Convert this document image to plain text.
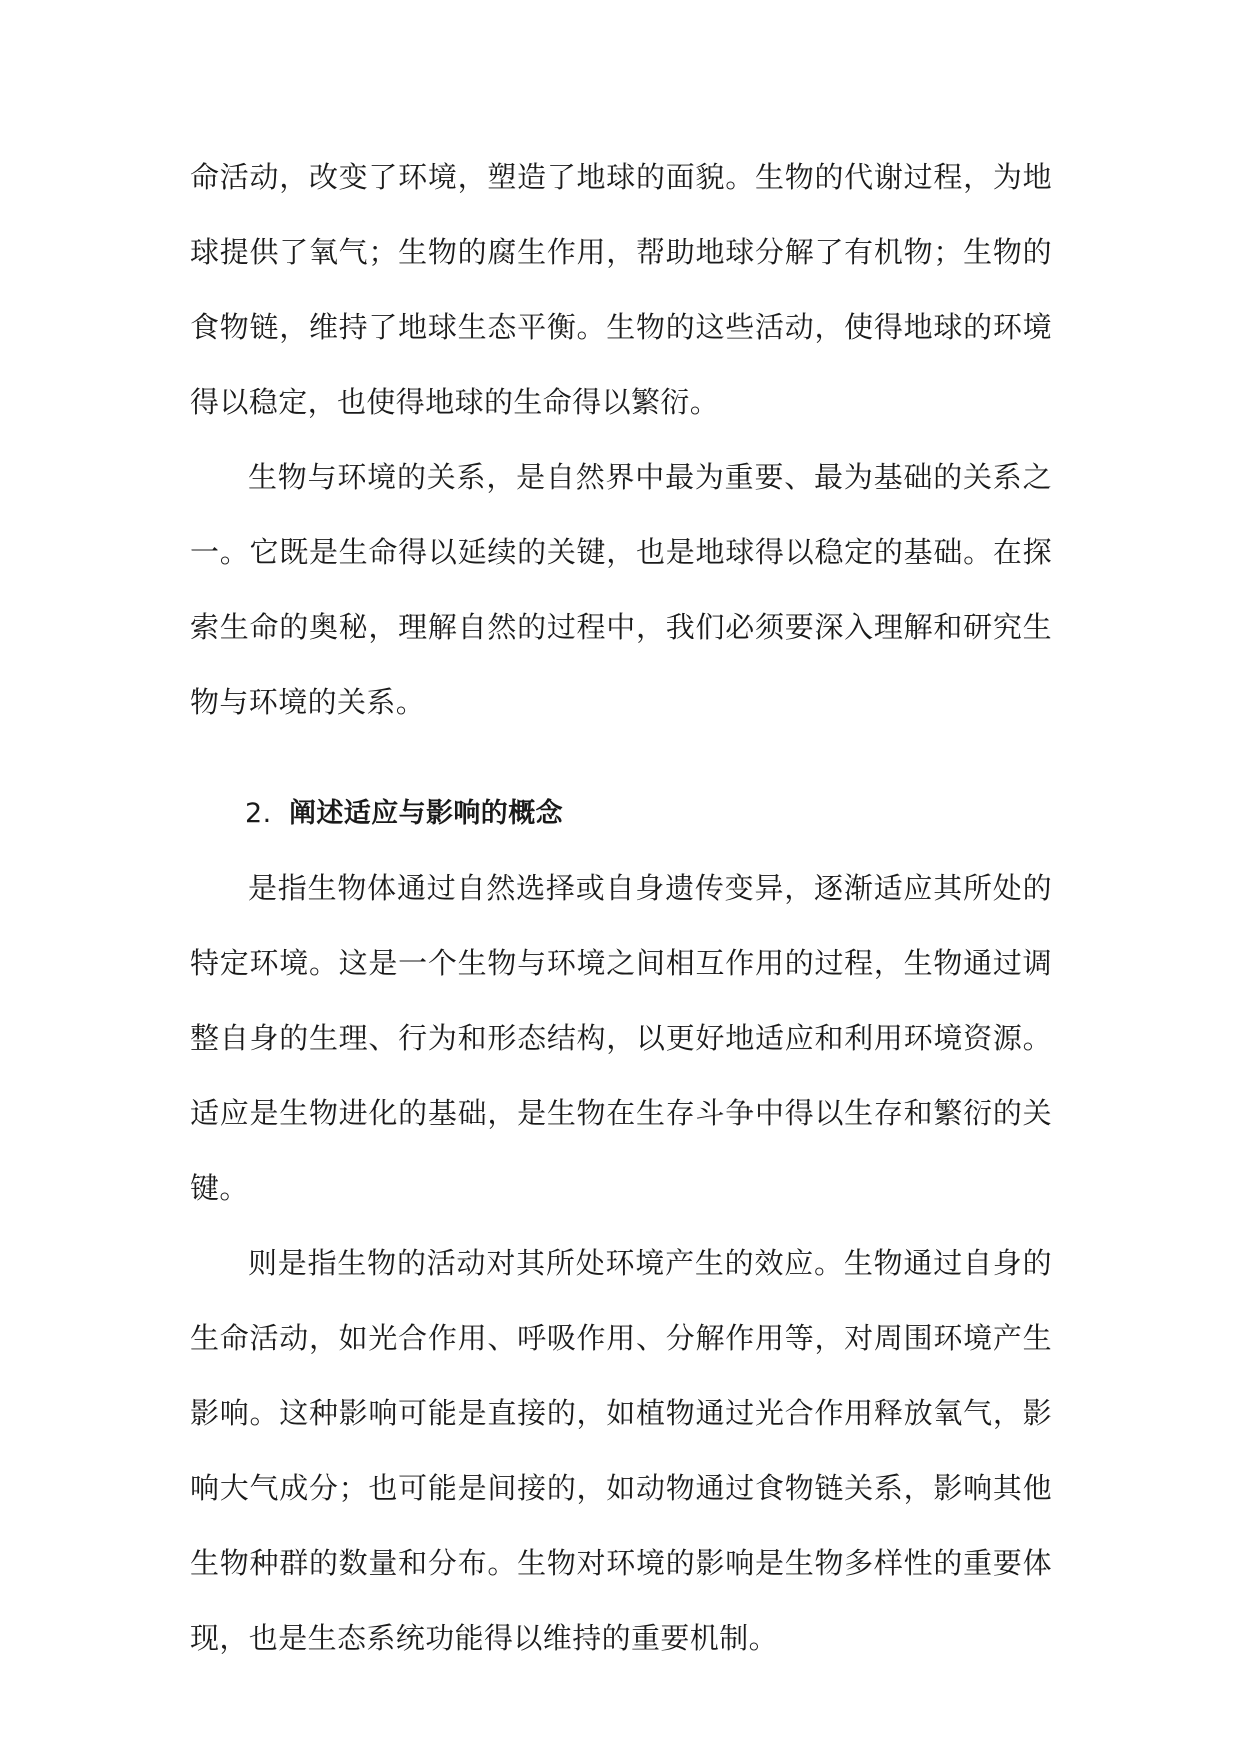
命活动，改变了环境，塑造了地球的面貌。生物的代谢过程，为地球提供了氧气；生物的腐生作用，帮助地球分解了有机物；生物的食物链，维持了地球生态平衡。生物的这些活动，使得地球的环境得以稳定，也使得地球的生命得以繁衍。

生物与环境的关系，是自然界中最为重要、最为基础的关系之一。它既是生命得以延续的关键，也是地球得以稳定的基础。在探索生命的奥秘，理解自然的过程中，我们必须要深入理解和研究生物与环境的关系。

2. 阐述适应与影响的概念

是指生物体通过自然选择或自身遗传变异，逐渐适应其所处的特定环境。这是一个生物与环境之间相互作用的过程，生物通过调整自身的生理、行为和形态结构，以更好地适应和利用环境资源。适应是生物进化的基础，是生物在生存斗争中得以生存和繁衍的关键。

则是指生物的活动对其所处环境产生的效应。生物通过自身的生命活动，如光合作用、呼吸作用、分解作用等，对周围环境产生影响。这种影响可能是直接的，如植物通过光合作用释放氧气，影响大气成分；也可能是间接的，如动物通过食物链关系，影响其他生物种群的数量和分布。生物对环境的影响是生物多样性的重要体现，也是生态系统功能得以维持的重要机制。
